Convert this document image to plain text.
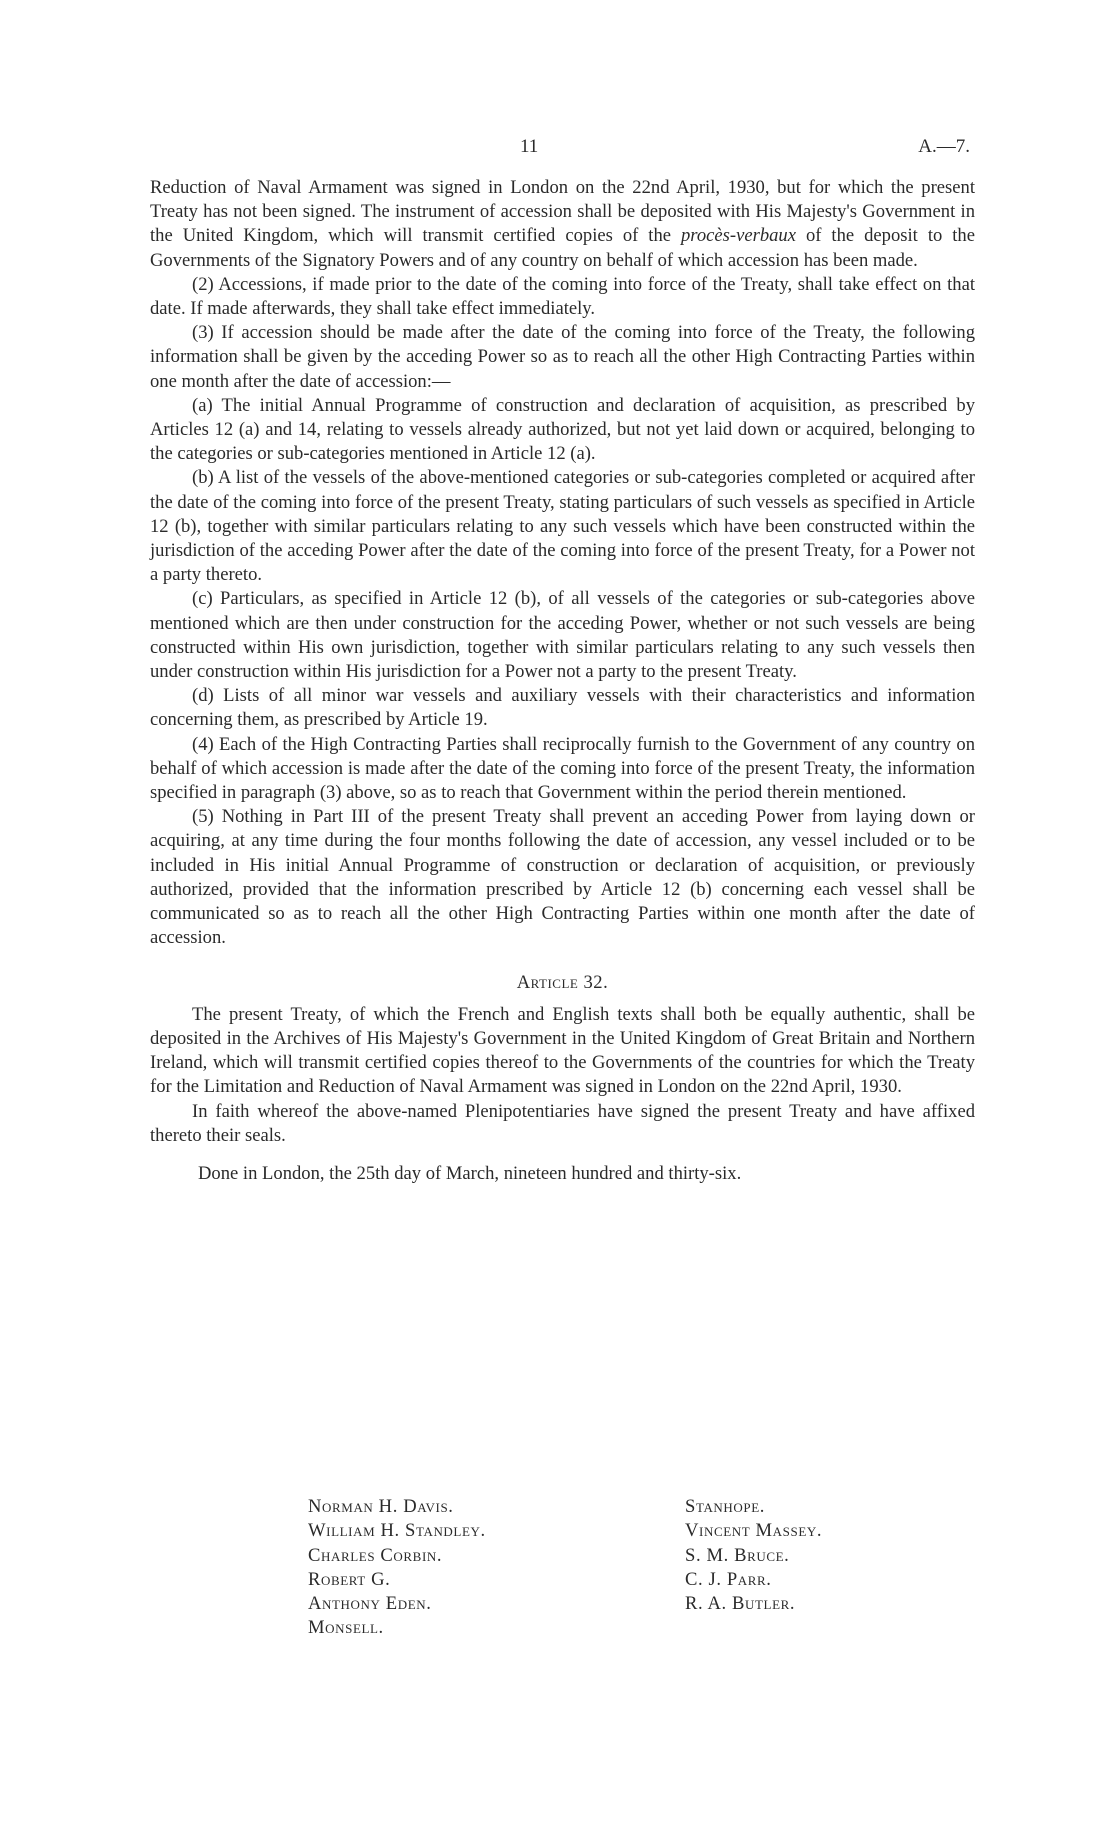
11	A.—7.

Reduction of Naval Armament was signed in London on the 22nd April, 1930, but for which the present Treaty has not been signed. The instrument of accession shall be deposited with His Majesty's Government in the United Kingdom, which will transmit certified copies of the procès-verbaux of the deposit to the Governments of the Signatory Powers and of any country on behalf of which accession has been made.

(2) Accessions, if made prior to the date of the coming into force of the Treaty, shall take effect on that date. If made afterwards, they shall take effect immediately.

(3) If accession should be made after the date of the coming into force of the Treaty, the following information shall be given by the acceding Power so as to reach all the other High Contracting Parties within one month after the date of accession:—

(a) The initial Annual Programme of construction and declaration of acquisition, as prescribed by Articles 12 (a) and 14, relating to vessels already authorized, but not yet laid down or acquired, belonging to the categories or sub-categories mentioned in Article 12 (a).

(b) A list of the vessels of the above-mentioned categories or sub-categories completed or acquired after the date of the coming into force of the present Treaty, stating particulars of such vessels as specified in Article 12 (b), together with similar particulars relating to any such vessels which have been constructed within the jurisdiction of the acceding Power after the date of the coming into force of the present Treaty, for a Power not a party thereto.

(c) Particulars, as specified in Article 12 (b), of all vessels of the categories or sub-categories above mentioned which are then under construction for the acceding Power, whether or not such vessels are being constructed within His own jurisdiction, together with similar particulars relating to any such vessels then under construction within His jurisdiction for a Power not a party to the present Treaty.

(d) Lists of all minor war vessels and auxiliary vessels with their characteristics and information concerning them, as prescribed by Article 19.

(4) Each of the High Contracting Parties shall reciprocally furnish to the Government of any country on behalf of which accession is made after the date of the coming into force of the present Treaty, the information specified in paragraph (3) above, so as to reach that Government within the period therein mentioned.

(5) Nothing in Part III of the present Treaty shall prevent an acceding Power from laying down or acquiring, at any time during the four months following the date of accession, any vessel included or to be included in His initial Annual Programme of construction or declaration of acquisition, or previously authorized, provided that the information prescribed by Article 12 (b) concerning each vessel shall be communicated so as to reach all the other High Contracting Parties within one month after the date of accession.

Article 32.

The present Treaty, of which the French and English texts shall both be equally authentic, shall be deposited in the Archives of His Majesty's Government in the United Kingdom of Great Britain and Northern Ireland, which will transmit certified copies thereof to the Governments of the countries for which the Treaty for the Limitation and Reduction of Naval Armament was signed in London on the 22nd April, 1930.

In faith whereof the above-named Plenipotentiaries have signed the present Treaty and have affixed thereto their seals.

Done in London, the 25th day of March, nineteen hundred and thirty-six.

Norman H. Davis.
William H. Standley.
Charles Corbin.
Robert G.
Anthony Eden.
Monsell.
Stanhope.
Vincent Massey.
S. M. Bruce.
C. J. Parr.
R. A. Butler.
